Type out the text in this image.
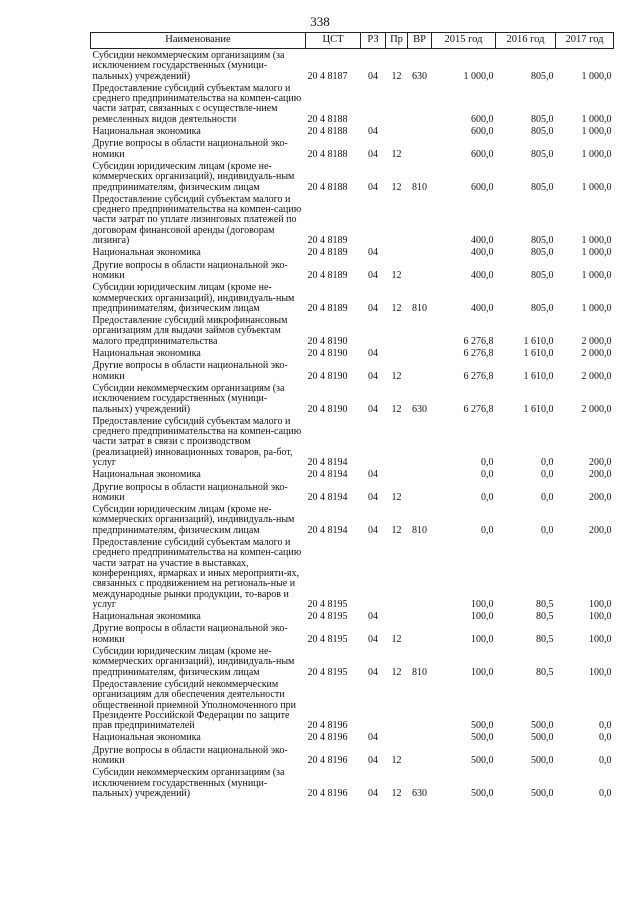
338
Наименование	ЦСТ	РЗ	Пр	ВР	2015 год	2016 год	2017 год
Субсидии некоммерческим организациям (за исключением государственных (муници-пальных) учреждений)	20 4 8187	04	12	630	1 000,0	805,0	1 000,0
Предоставление субсидий субъектам малого и среднего предпринимательства на компен-сацию части затрат, связанных с осуществле-нием ремесленных видов деятельности	20 4 8188				600,0	805,0	1 000,0
Национальная экономика	20 4 8188	04			600,0	805,0	1 000,0
Другие вопросы в области национальной эко-номики	20 4 8188	04	12		600,0	805,0	1 000,0
Субсидии юридическим лицам (кроме не-коммерческих организаций), индивидуаль-ным предпринимателям, физическим лицам	20 4 8188	04	12	810	600,0	805,0	1 000,0
Предоставление субсидий субъектам малого и среднего предпринимательства на компен-сацию части затрат по уплате лизинговых платежей по договорам финансовой аренды (договорам лизинга)	20 4 8189				400,0	805,0	1 000,0
Национальная экономика	20 4 8189	04			400,0	805,0	1 000,0
Другие вопросы в области национальной эко-номики	20 4 8189	04	12		400,0	805,0	1 000,0
Субсидии юридическим лицам (кроме не-коммерческих организаций), индивидуаль-ным предпринимателям, физическим лицам	20 4 8189	04	12	810	400,0	805,0	1 000,0
Предоставление субсидий микрофинансовым организациям для выдачи займов субъектам малого предпринимательства	20 4 8190				6 276,8	1 610,0	2 000,0
Национальная экономика	20 4 8190	04			6 276,8	1 610,0	2 000,0
Другие вопросы в области национальной эко-номики	20 4 8190	04	12		6 276,8	1 610,0	2 000,0
Субсидии некоммерческим организациям (за исключением государственных (муници-пальных) учреждений)	20 4 8190	04	12	630	6 276,8	1 610,0	2 000,0
Предоставление субсидий субъектам малого и среднего предпринимательства на компен-сацию части затрат в связи с производством (реализацией) инновационных товаров, ра-бот, услуг	20 4 8194				0,0	0,0	200,0
Национальная экономика	20 4 8194	04			0,0	0,0	200,0
Другие вопросы в области национальной эко-номики	20 4 8194	04	12		0,0	0,0	200,0
Субсидии юридическим лицам (кроме не-коммерческих организаций), индивидуаль-ным предпринимателям, физическим лицам	20 4 8194	04	12	810	0,0	0,0	200,0
Предоставление субсидий субъектам малого и среднего предпринимательства на компен-сацию части затрат на участие в выставках, конференциях, ярмарках и иных мероприяти-ях, связанных с продвижением на региональ-ные и международные рынки продукции, то-варов и услуг	20 4 8195				100,0	80,5	100,0
Национальная экономика	20 4 8195	04			100,0	80,5	100,0
Другие вопросы в области национальной эко-номики	20 4 8195	04	12		100,0	80,5	100,0
Субсидии юридическим лицам (кроме не-коммерческих организаций), индивидуаль-ным предпринимателям, физическим лицам	20 4 8195	04	12	810	100,0	80,5	100,0
Предоставление субсидий некоммерческим организациям для обеспечения деятельности общественной приемной Уполномоченного при Президенте Российской Федерации по защите прав предпринимателей	20 4 8196				500,0	500,0	0,0
Национальная экономика	20 4 8196	04			500,0	500,0	0,0
Другие вопросы в области национальной эко-номики	20 4 8196	04	12		500,0	500,0	0,0
Субсидии некоммерческим организациям (за исключением государственных (муници-пальных) учреждений)	20 4 8196	04	12	630	500,0	500,0	0,0
